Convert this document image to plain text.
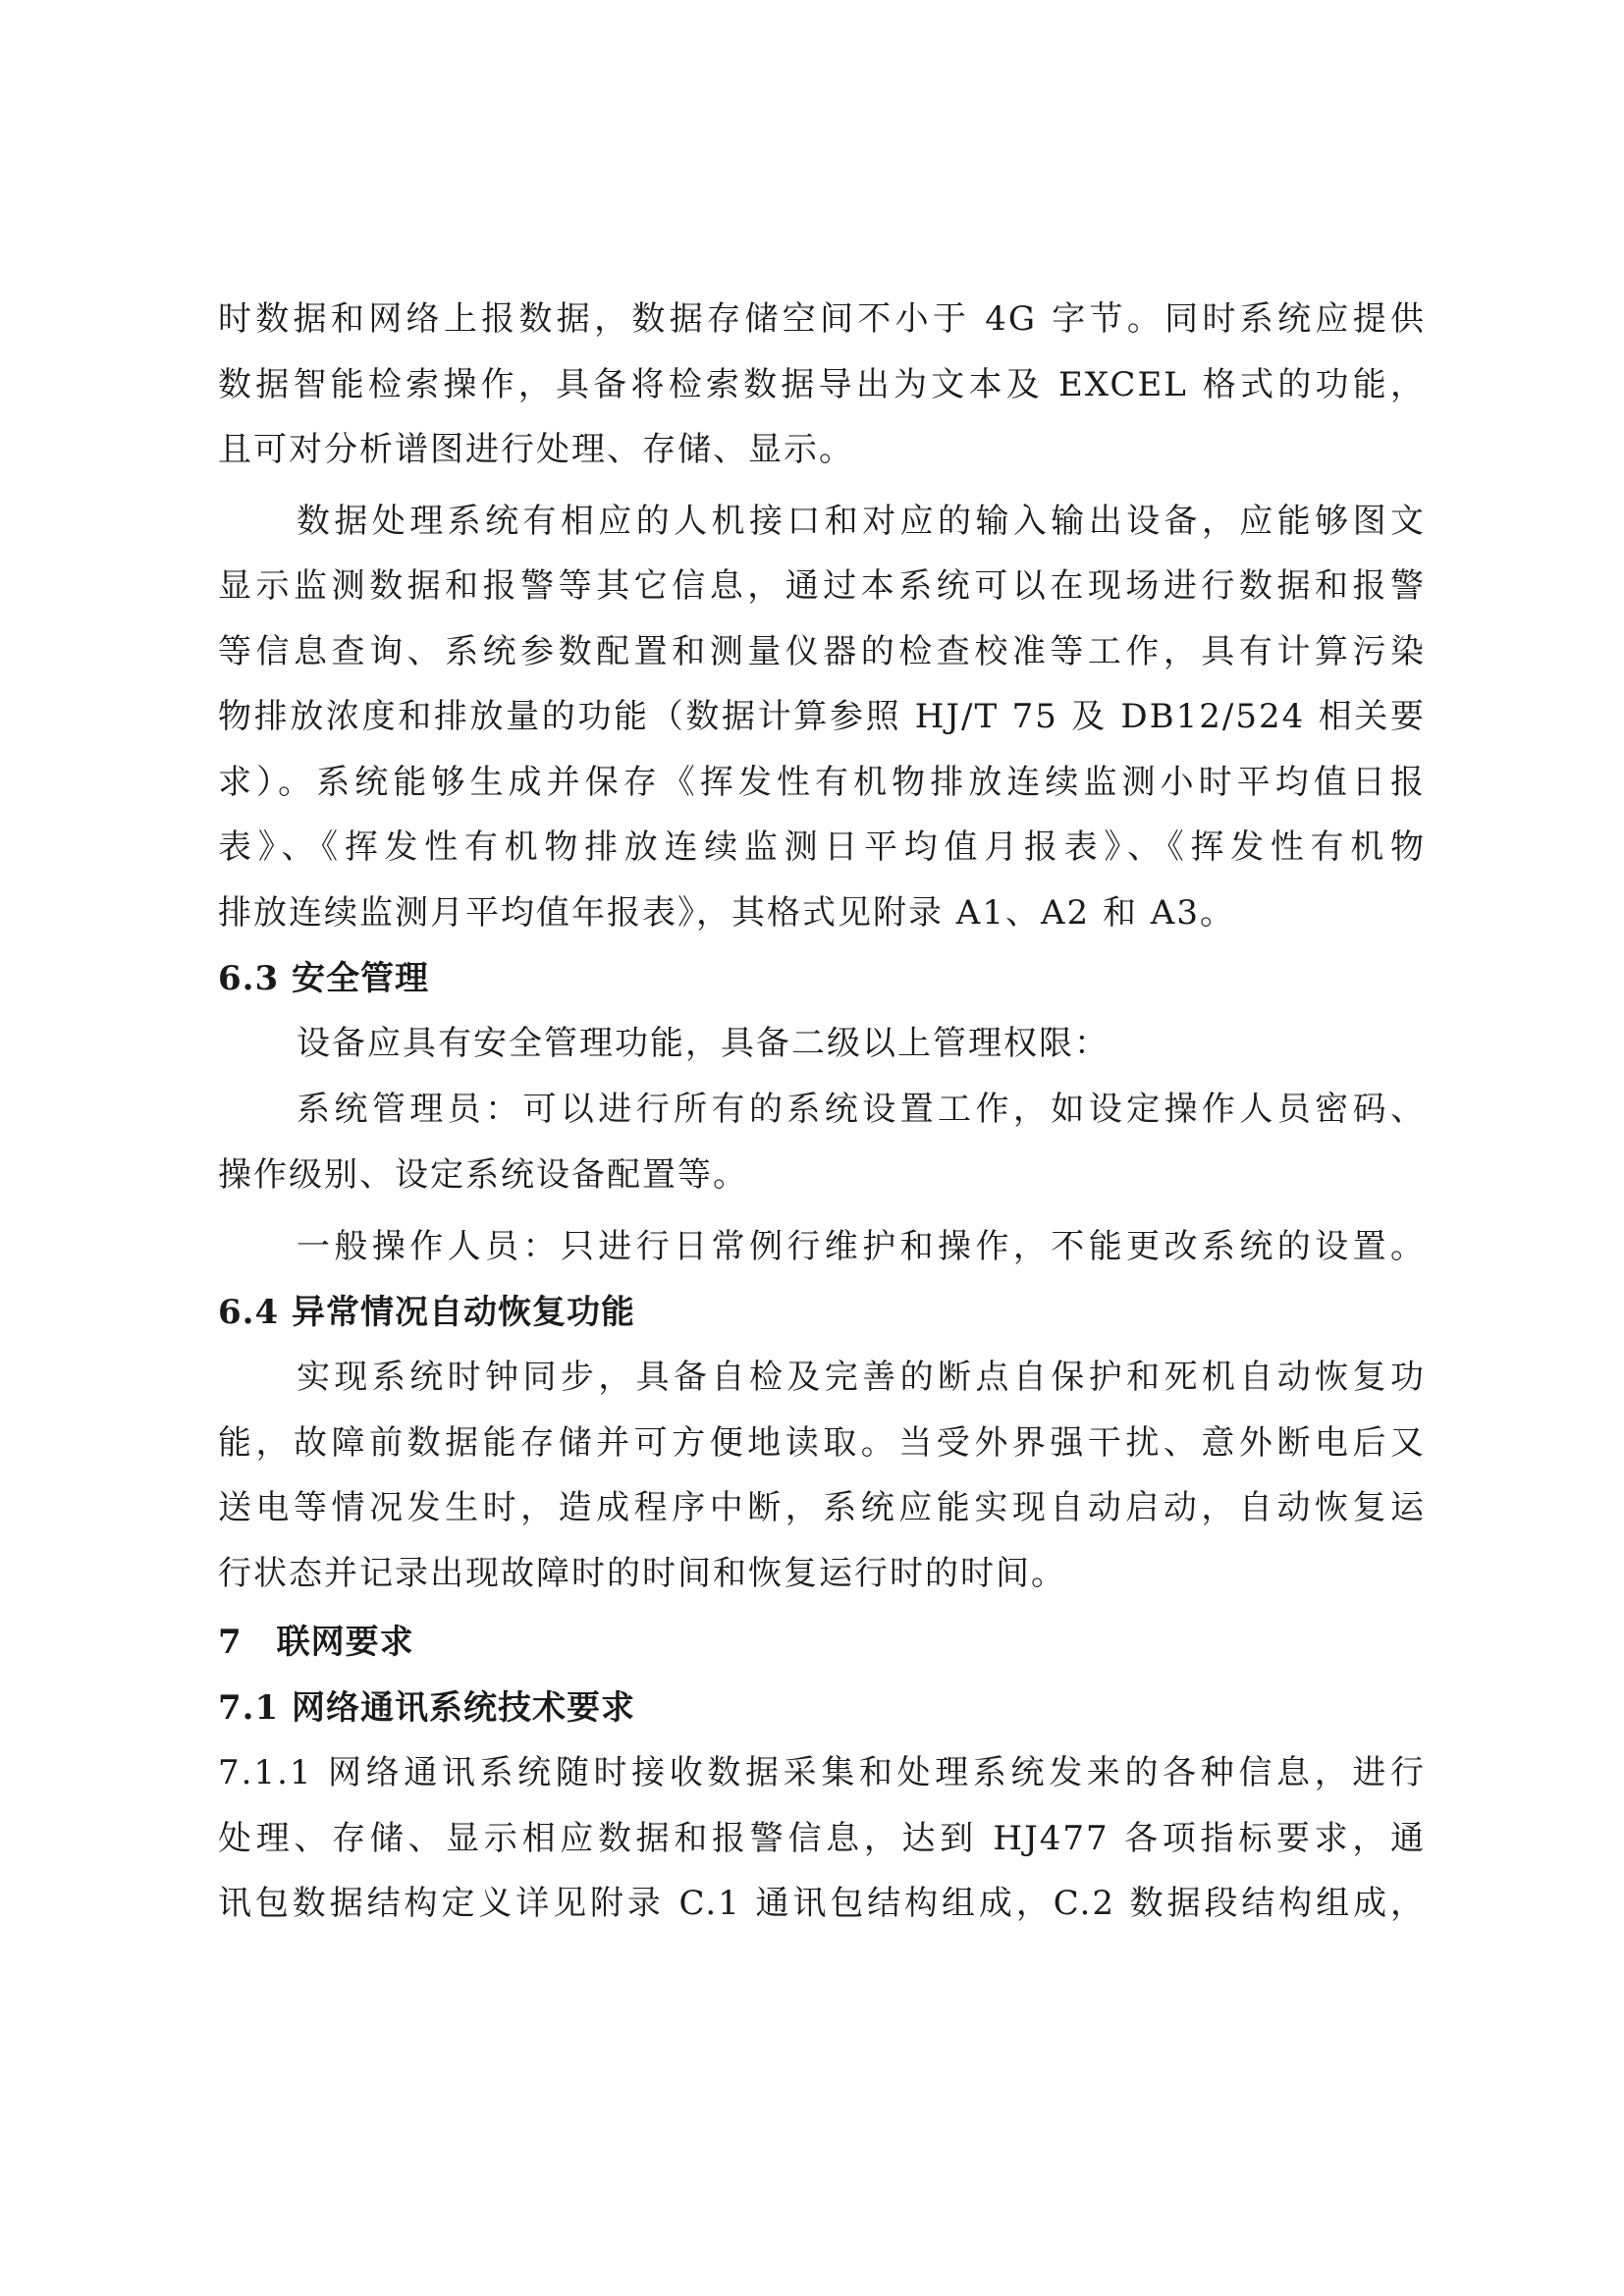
时数据和网络上报数据，数据存储空间不小于 4G 字节。同时系统应提供
数据智能检索操作，具备将检索数据导出为文本及 EXCEL 格式的功能，
且可对分析谱图进行处理、存储、显示。
数据处理系统有相应的人机接口和对应的输入输出设备，应能够图文
显示监测数据和报警等其它信息，通过本系统可以在现场进行数据和报警
等信息查询、系统参数配置和测量仪器的检查校准等工作，具有计算污染
物排放浓度和排放量的功能（数据计算参照 HJ/T 75 及 DB12/524 相关要
求）。系统能够生成并保存《挥发性有机物排放连续监测小时平均值日报
表》、《挥发性有机物排放连续监测日平均值月报表》、《挥发性有机物
排放连续监测月平均值年报表》，其格式见附录 A1、A2 和 A3。
6.3 安全管理
设备应具有安全管理功能，具备二级以上管理权限：
系统管理员：可以进行所有的系统设置工作，如设定操作人员密码、
操作级别、设定系统设备配置等。
一般操作人员：只进行日常例行维护和操作，不能更改系统的设置。
6.4 异常情况自动恢复功能
实现系统时钟同步，具备自检及完善的断点自保护和死机自动恢复功
能，故障前数据能存储并可方便地读取。当受外界强干扰、意外断电后又
送电等情况发生时，造成程序中断，系统应能实现自动启动，自动恢复运
行状态并记录出现故障时的时间和恢复运行时的时间。
7　联网要求
7.1 网络通讯系统技术要求
7.1.1 网络通讯系统随时接收数据采集和处理系统发来的各种信息，进行
处理、存储、显示相应数据和报警信息，达到 HJ477 各项指标要求，通
讯包数据结构定义详见附录 C.1 通讯包结构组成，C.2 数据段结构组成，
